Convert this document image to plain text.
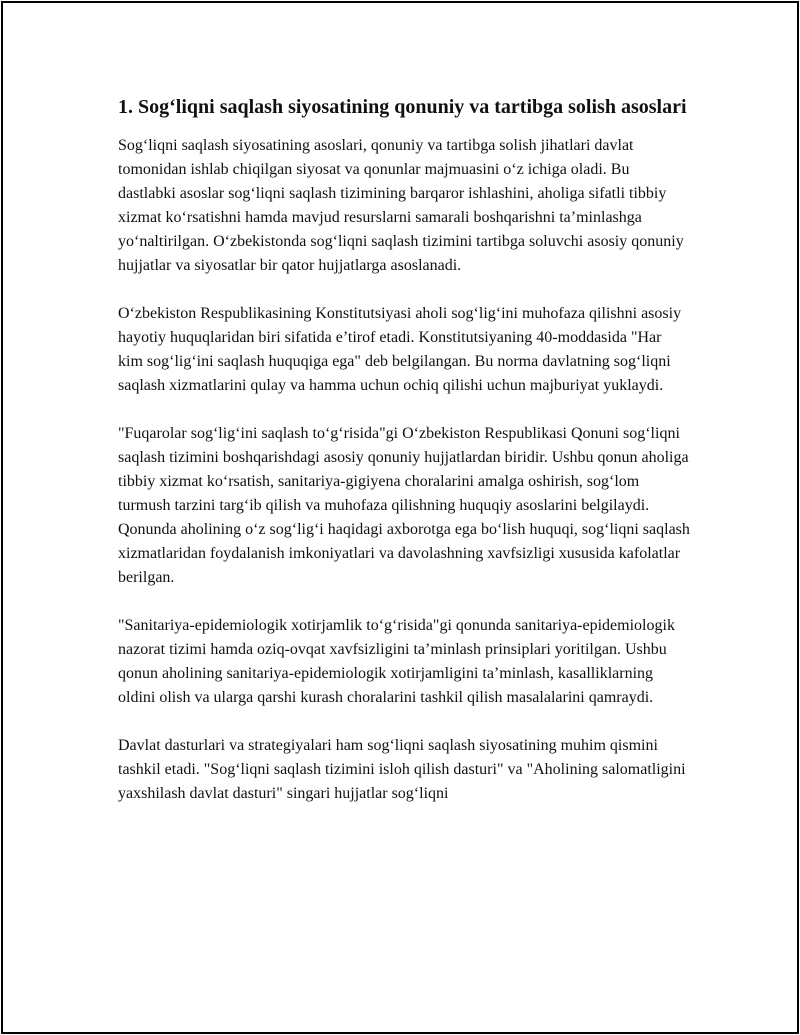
1. Sog‘liqni saqlash siyosatining qonuniy va tartibga solish asoslari

Sog‘liqni saqlash siyosatining asoslari, qonuniy va tartibga solish jihatlari davlat tomonidan ishlab chiqilgan siyosat va qonunlar majmuasini o‘z ichiga oladi. Bu dastlabki asoslar sog‘liqni saqlash tizimining barqaror ishlashini, aholiga sifatli tibbiy xizmat ko‘rsatishni hamda mavjud resurslarni samarali boshqarishni ta’minlashga yo‘naltirilgan. O‘zbekistonda sog‘liqni saqlash tizimini tartibga soluvchi asosiy qonuniy hujjatlar va siyosatlar bir qator hujjatlarga asoslanadi.

O‘zbekiston Respublikasining Konstitutsiyasi aholi sog‘lig‘ini muhofaza qilishni asosiy hayotiy huquqlaridan biri sifatida e’tirof etadi. Konstitutsiyaning 40-moddasida "Har kim sog‘lig‘ini saqlash huquqiga ega" deb belgilangan. Bu norma davlatning sog‘liqni saqlash xizmatlarini qulay va hamma uchun ochiq qilishi uchun majburiyat yuklaydi.

"Fuqarolar sog‘lig‘ini saqlash to‘g‘risida"gi O‘zbekiston Respublikasi Qonuni sog‘liqni saqlash tizimini boshqarishdagi asosiy qonuniy hujjatlardan biridir. Ushbu qonun aholiga tibbiy xizmat ko‘rsatish, sanitariya-gigiyena choralarini amalga oshirish, sog‘lom turmush tarzini targ‘ib qilish va muhofaza qilishning huquqiy asoslarini belgilaydi. Qonunda aholining o‘z sog‘lig‘i haqidagi axborotga ega bo‘lish huquqi, sog‘liqni saqlash xizmatlaridan foydalanish imkoniyatlari va davolashning xavfsizligi xususida kafolatlar berilgan.

"Sanitariya-epidemiologik xotirjamlik to‘g‘risida"gi qonunda sanitariya-epidemiologik nazorat tizimi hamda oziq-ovqat xavfsizligini ta’minlash prinsiplari yoritilgan. Ushbu qonun aholining sanitariya-epidemiologik xotirjamligini ta’minlash, kasalliklarning oldini olish va ularga qarshi kurash choralarini tashkil qilish masalalarini qamraydi.

Davlat dasturlari va strategiyalari ham sog‘liqni saqlash siyosatining muhim qismini tashkil etadi. "Sog‘liqni saqlash tizimini isloh qilish dasturi" va "Aholining salomatligini yaxshilash davlat dasturi" singari hujjatlar sog‘liqni
